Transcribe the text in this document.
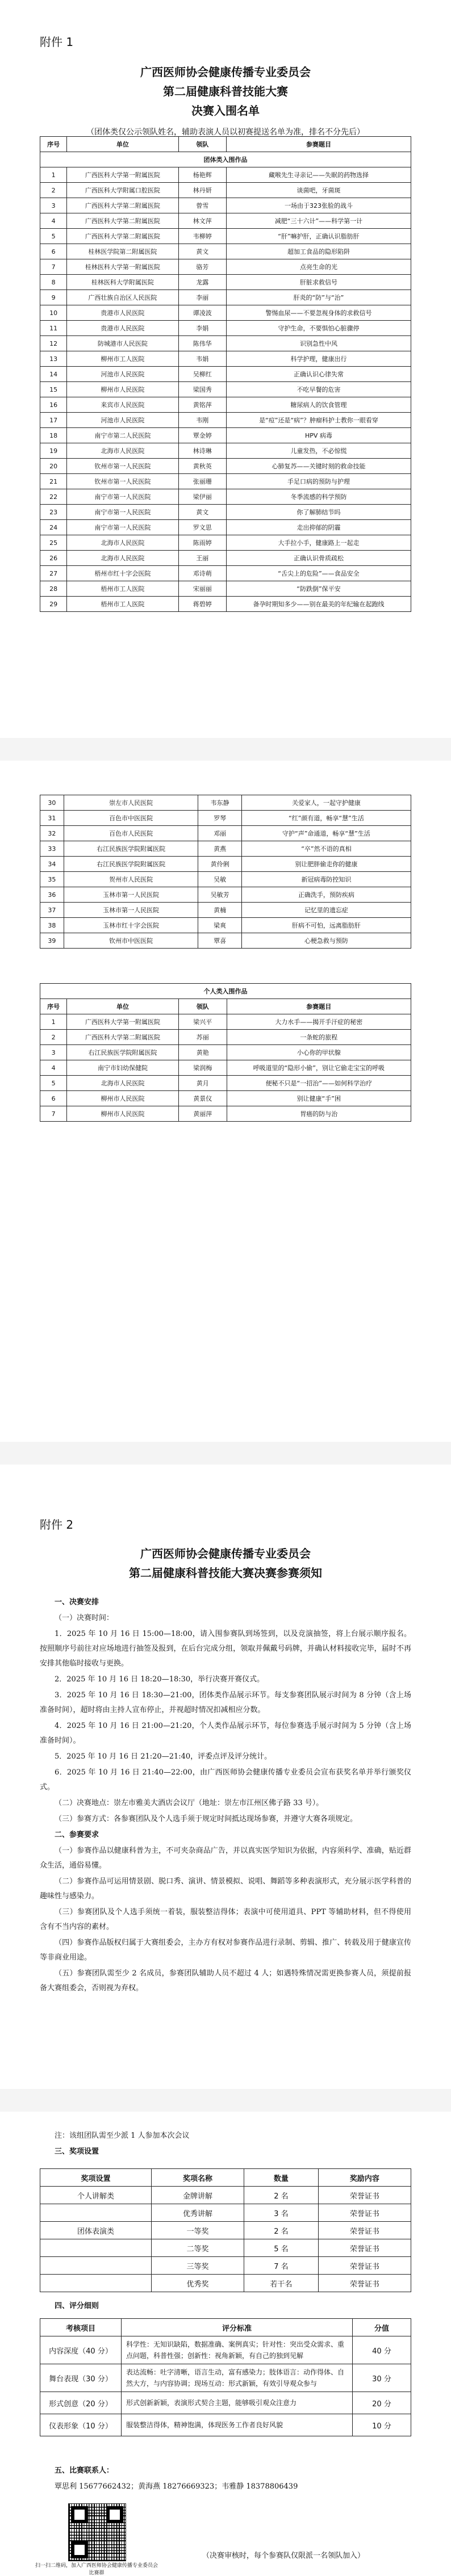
附件 1
广西医师协会健康传播专业委员会
第二届健康科普技能大赛
决赛入围名单
（团体类仅公示领队姓名，辅助表演人员以初赛提送名单为准，排名不分先后）
序号	单位	领队	参赛题目
团体类入围作品			
1	广西医科大学第一附属医院	杨艳辉	藏喉先生寻亲记——失眠的药物选择
2	广西医科大学附属口腔医院	林丹妍	谈菌吧，牙菌斑
3	广西医科大学第二附属医院	曾雪	一场由于323张脸的战斗
4	广西医科大学第二附属医院	林文萍	减肥“三十六计”——科学第一计
5	广西医科大学第二附属医院	韦柳婷	“肝”嘛护肝，正确认识脂肪肝
6	桂林医学院第二附属医院	黄文	超加工食品的隐形陷阱
7	桂林医科大学第一附属医院	骆芳	点亮生命的光
8	桂林医科大学附属医院	龙露	肝脏求救信号
9	广西壮族自治区人民医院	李丽	肝炎的“防”与“治”
10	贵港市人民医院	谭凌波	警惕血尿——不要忽视身体的求救信号
11	贵港市人民医院	李娟	守护生命，不要惧怕心脏骤停
12	防城港市人民医院	陈伟华	识别急性中风
13	柳州市工人医院	韦娟	科学护理，健康出行
14	河池市人民医院	吴柳红	正确认识心律失常
15	柳州市人民医院	梁国秀	不吃早餐的危害
16	来宾市人民医院	黄铭萍	糖尿病人的饮食管理
17	河池市人民医院	韦刚	是“痘”还是“病”？肿瘤科护士教你一眼看穿
18	南宁市第二人民医院	覃金婷	HPV 病毒
19	北海市人民医院	林诗琳	儿童发热，不必惊慌
20	钦州市第一人民医院	黄秋英	心肺复苏——关键时刻的救命技能
21	钦州市第一人民医院	张丽珊	手足口病的预防与护理
22	南宁市第一人民医院	梁伊丽	冬季流感的科学预防
23	南宁市第一人民医院	黄文	你了解肺结节吗
24	南宁市第一人民医院	罗文思	走出抑郁的阴霾
25	北海市人民医院	陈雨婷	大手拉小手，健康路上一起走
26	北海市人民医院	王丽	正确认识骨质疏松
27	梧州市红十字会医院	邓诗萌	“舌尖上的危险”——食品安全
28	梧州市工人医院	宋丽丽	“防跌倒”保平安
29	梧州市工人医院	蒋碧婷	备孕时期知多少——别在最美的年纪输在起跑线
30	崇左市人民医院	韦东静	关爱家人，一起守护健康
31	百色市中医医院	罗琴	“红”颜有道，畅享“慧”生活
32	百色市人民医院	邓丽	守护“声”命通道，畅享“慧”生活
33	右江民族医学院附属医院	黄燕	“卒”然不语的真相
34	右江民族医学院附属医院	黄伶俐	别让肥胖偷走你的健康
35	贺州市人民医院	吴敏	新冠病毒防控知识
36	玉林市第一人民医院	吴敏芳	正确洗手，预防疾病
37	玉林市第一人民医院	黄楠	记忆里的遗忘症
38	玉林市红十字会医院	梁爽	肝病不可怕，远离脂肪肝
39	钦州市中医医院	覃喜	心梗急救与预防
个人类入围作品			
序号	单位	领队	参赛题目
1	广西医科大学第一附属医院	梁兴平	大力水手——揭开手汗症的秘密
2	广西医科大学第二附属医院	苏丽	一条蛇的旅程
3	右江民族医学院附属医院	黄艳	小心你的甲状腺
4	南宁市妇幼保健院	梁润梅	呼吸道里的“隐形小偷”，别让它偷走宝宝的呼吸
5	北海市人民医院	黄月	便秘不只是“一招治”——如何科学治疗
6	柳州市人民医院	黄景仪	别让健康“手”困
7	柳州市人民医院	黄丽萍	胃癌的防与治
附件 2
广西医师协会健康传播专业委员会
第二届健康科普技能大赛决赛参赛须知

一、决赛安排

（一）决赛时间：

1．2025 年 10 月 16 日 15:00—18:00，请入围参赛队到场签到，以及竞演抽签，将上台展示顺序报名。按照顺序号前往对应场地进行抽签及报到，在后台完成分组，领取并佩戴号码牌，并确认材料接收完毕，届时不再安排其他临时接收与更换。

2．2025 年 10 月 16 日 18:20—18:30，举行决赛开赛仪式。

3．2025 年 10 月 16 日 18:30—21:00，团体类作品展示环节。每支参赛团队展示时间为 8 分钟（含上场准备时间），超时将由主持人宣布停止，并视超时情况扣减相应分数。

4．2025 年 10 月 16 日 21:00—21:20，个人类作品展示环节，每位参赛选手展示时间为 5 分钟（含上场准备时间）。

5．2025 年 10 月 16 日 21:20—21:40，评委点评及评分统计。

6．2025 年 10 月 16 日 21:40—22:00，由广西医师协会健康传播专业委员会宣布获奖名单并举行颁奖仪式。

（二）决赛地点：崇左市雅美大酒店会议厅（地址：崇左市江州区佛子路 33 号）。

（三）参赛方式：各参赛团队及个人选手须于规定时间抵达现场参赛，并遵守大赛各项规定。

二、参赛要求

（一）参赛作品以健康科普为主，不可夹杂商品广告，并以真实医学知识为依据，内容须科学、准确，贴近群众生活，通俗易懂。

（二）参赛作品可运用情景剧、脱口秀、演讲、情景模拟、说唱、舞蹈等多种表演形式，充分展示医学科普的趣味性与感染力。

（三）参赛团队及个人选手须统一着装，服装整洁得体；表演中可使用道具、PPT 等辅助材料，但不得使用含有不当内容的素材。

（四）参赛作品版权归属于大赛组委会，主办方有权对参赛作品进行录制、剪辑、推广、转载及用于健康宣传等非商业用途。

（五）参赛团队需至少 2 名成员，参赛团队辅助人员不超过 4 人；如遇特殊情况需更换参赛人员，须提前报备大赛组委会，否则视为弃权。

注：该组团队需至少派 1 人参加本次会议

三、奖项设置

奖项设置	奖项名称	数量	奖励内容
个人讲解类	金牌讲解	2 名	荣誉证书
	优秀讲解	3 名	荣誉证书
团体表演类	一等奖	2 名	荣誉证书
	二等奖	5 名	荣誉证书
	三等奖	7 名	荣誉证书
	优秀奖	若干名	荣誉证书

四、评分细则

考核项目	评分标准	分值
内容深度（40 分）	科学性：无知识缺陷，数据准确、案例真实；针对性：突出受众需求、重点问题，科普性强；创新性：视角新颖，有自己的独到见解	40 分
舞台表现（30 分）	表达流畅：吐字清晰，语言生动，富有感染力；肢体语言：动作得体、自然大方，与内容协调；现场互动：形式新颖，有效引导观众参与	30 分
形式创意（20 分）	形式创新新颖，表演形式契合主题，能够吸引观众注意力	20 分
仪表形象（10 分）	服装整洁得体，精神饱满，体现医务工作者良好风貌	10 分

五、比赛联系人：

覃思利 15677662432；黄海燕 18276669323；韦雅静 18378806439

扫一扫二维码，加入广西医师协会健康传播专业委员会比赛群

（决赛审核时，每个参赛队仅限派一名领队加入）
